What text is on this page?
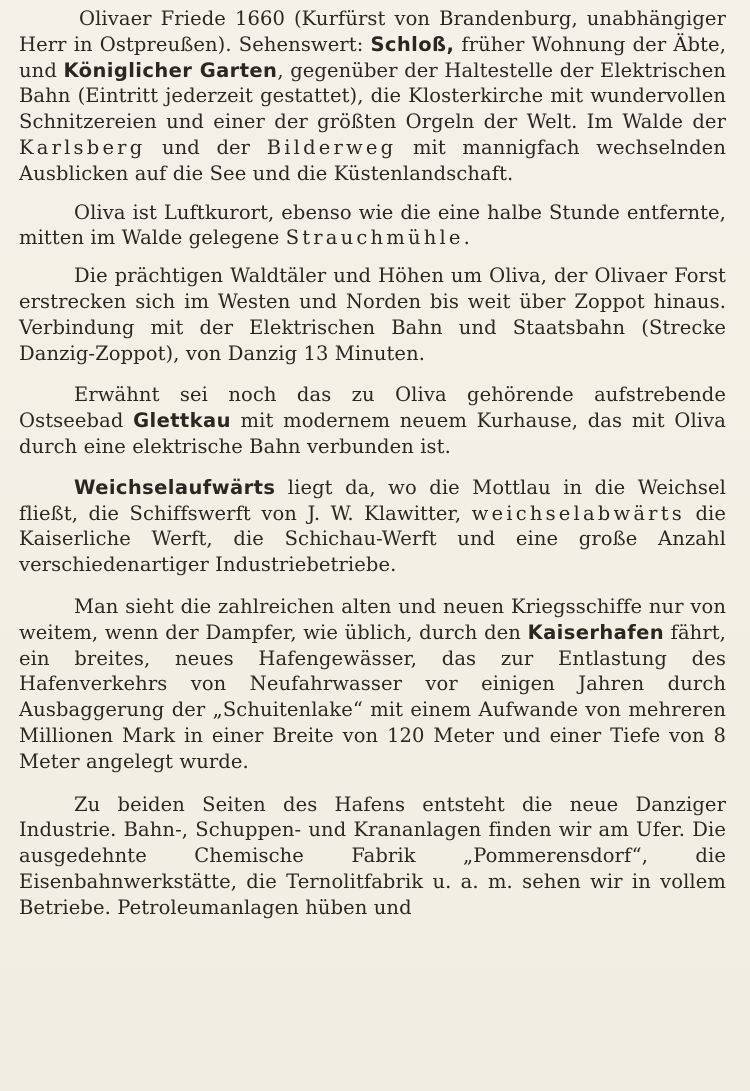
Olivaer Friede 1660 (Kurfürst von Brandenburg, unabhängiger Herr in Ostpreußen). Sehenswert: Schloß, früher Wohnung der Äbte, und Königlicher Garten, gegenüber der Haltestelle der Elektrischen Bahn (Eintritt jederzeit gestattet), die Klosterkirche mit wundervollen Schnitzereien und einer der größten Orgeln der Welt. Im Walde der Karlsberg und der Bilderweg mit mannigfach wechselnden Ausblicken auf die See und die Küstenlandschaft.

Oliva ist Luftkurort, ebenso wie die eine halbe Stunde entfernte, mitten im Walde gelegene Strauchmühle.

Die prächtigen Waldtäler und Höhen um Oliva, der Olivaer Forst erstrecken sich im Westen und Norden bis weit über Zoppot hinaus. Verbindung mit der Elektrischen Bahn und Staatsbahn (Strecke Danzig-Zoppot), von Danzig 13 Minuten.

Erwähnt sei noch das zu Oliva gehörende aufstrebende Ostseebad Glettkau mit modernem neuem Kurhause, das mit Oliva durch eine elektrische Bahn verbunden ist.

Weichselaufwärts liegt da, wo die Mottlau in die Weichsel fließt, die Schiffswerft von J. W. Klawitter, weichselabwärts die Kaiserliche Werft, die Schichau-Werft und eine große Anzahl verschiedenartiger Industriebetriebe.

Man sieht die zahlreichen alten und neuen Kriegsschiffe nur von weitem, wenn der Dampfer, wie üblich, durch den Kaiserhafen fährt, ein breites, neues Hafengewässer, das zur Entlastung des Hafenverkehrs von Neufahrwasser vor einigen Jahren durch Ausbaggerung der „Schuitenlake“ mit einem Aufwande von mehreren Millionen Mark in einer Breite von 120 Meter und einer Tiefe von 8 Meter angelegt wurde.

Zu beiden Seiten des Hafens entsteht die neue Danziger Industrie. Bahn-, Schuppen- und Krananlagen finden wir am Ufer. Die ausgedehnte Chemische Fabrik „Pommerensdorf“, die Eisenbahnwerkstätte, die Ternolitfabrik u. a. m. sehen wir in vollem Betriebe. Petroleumanlagen hüben und
